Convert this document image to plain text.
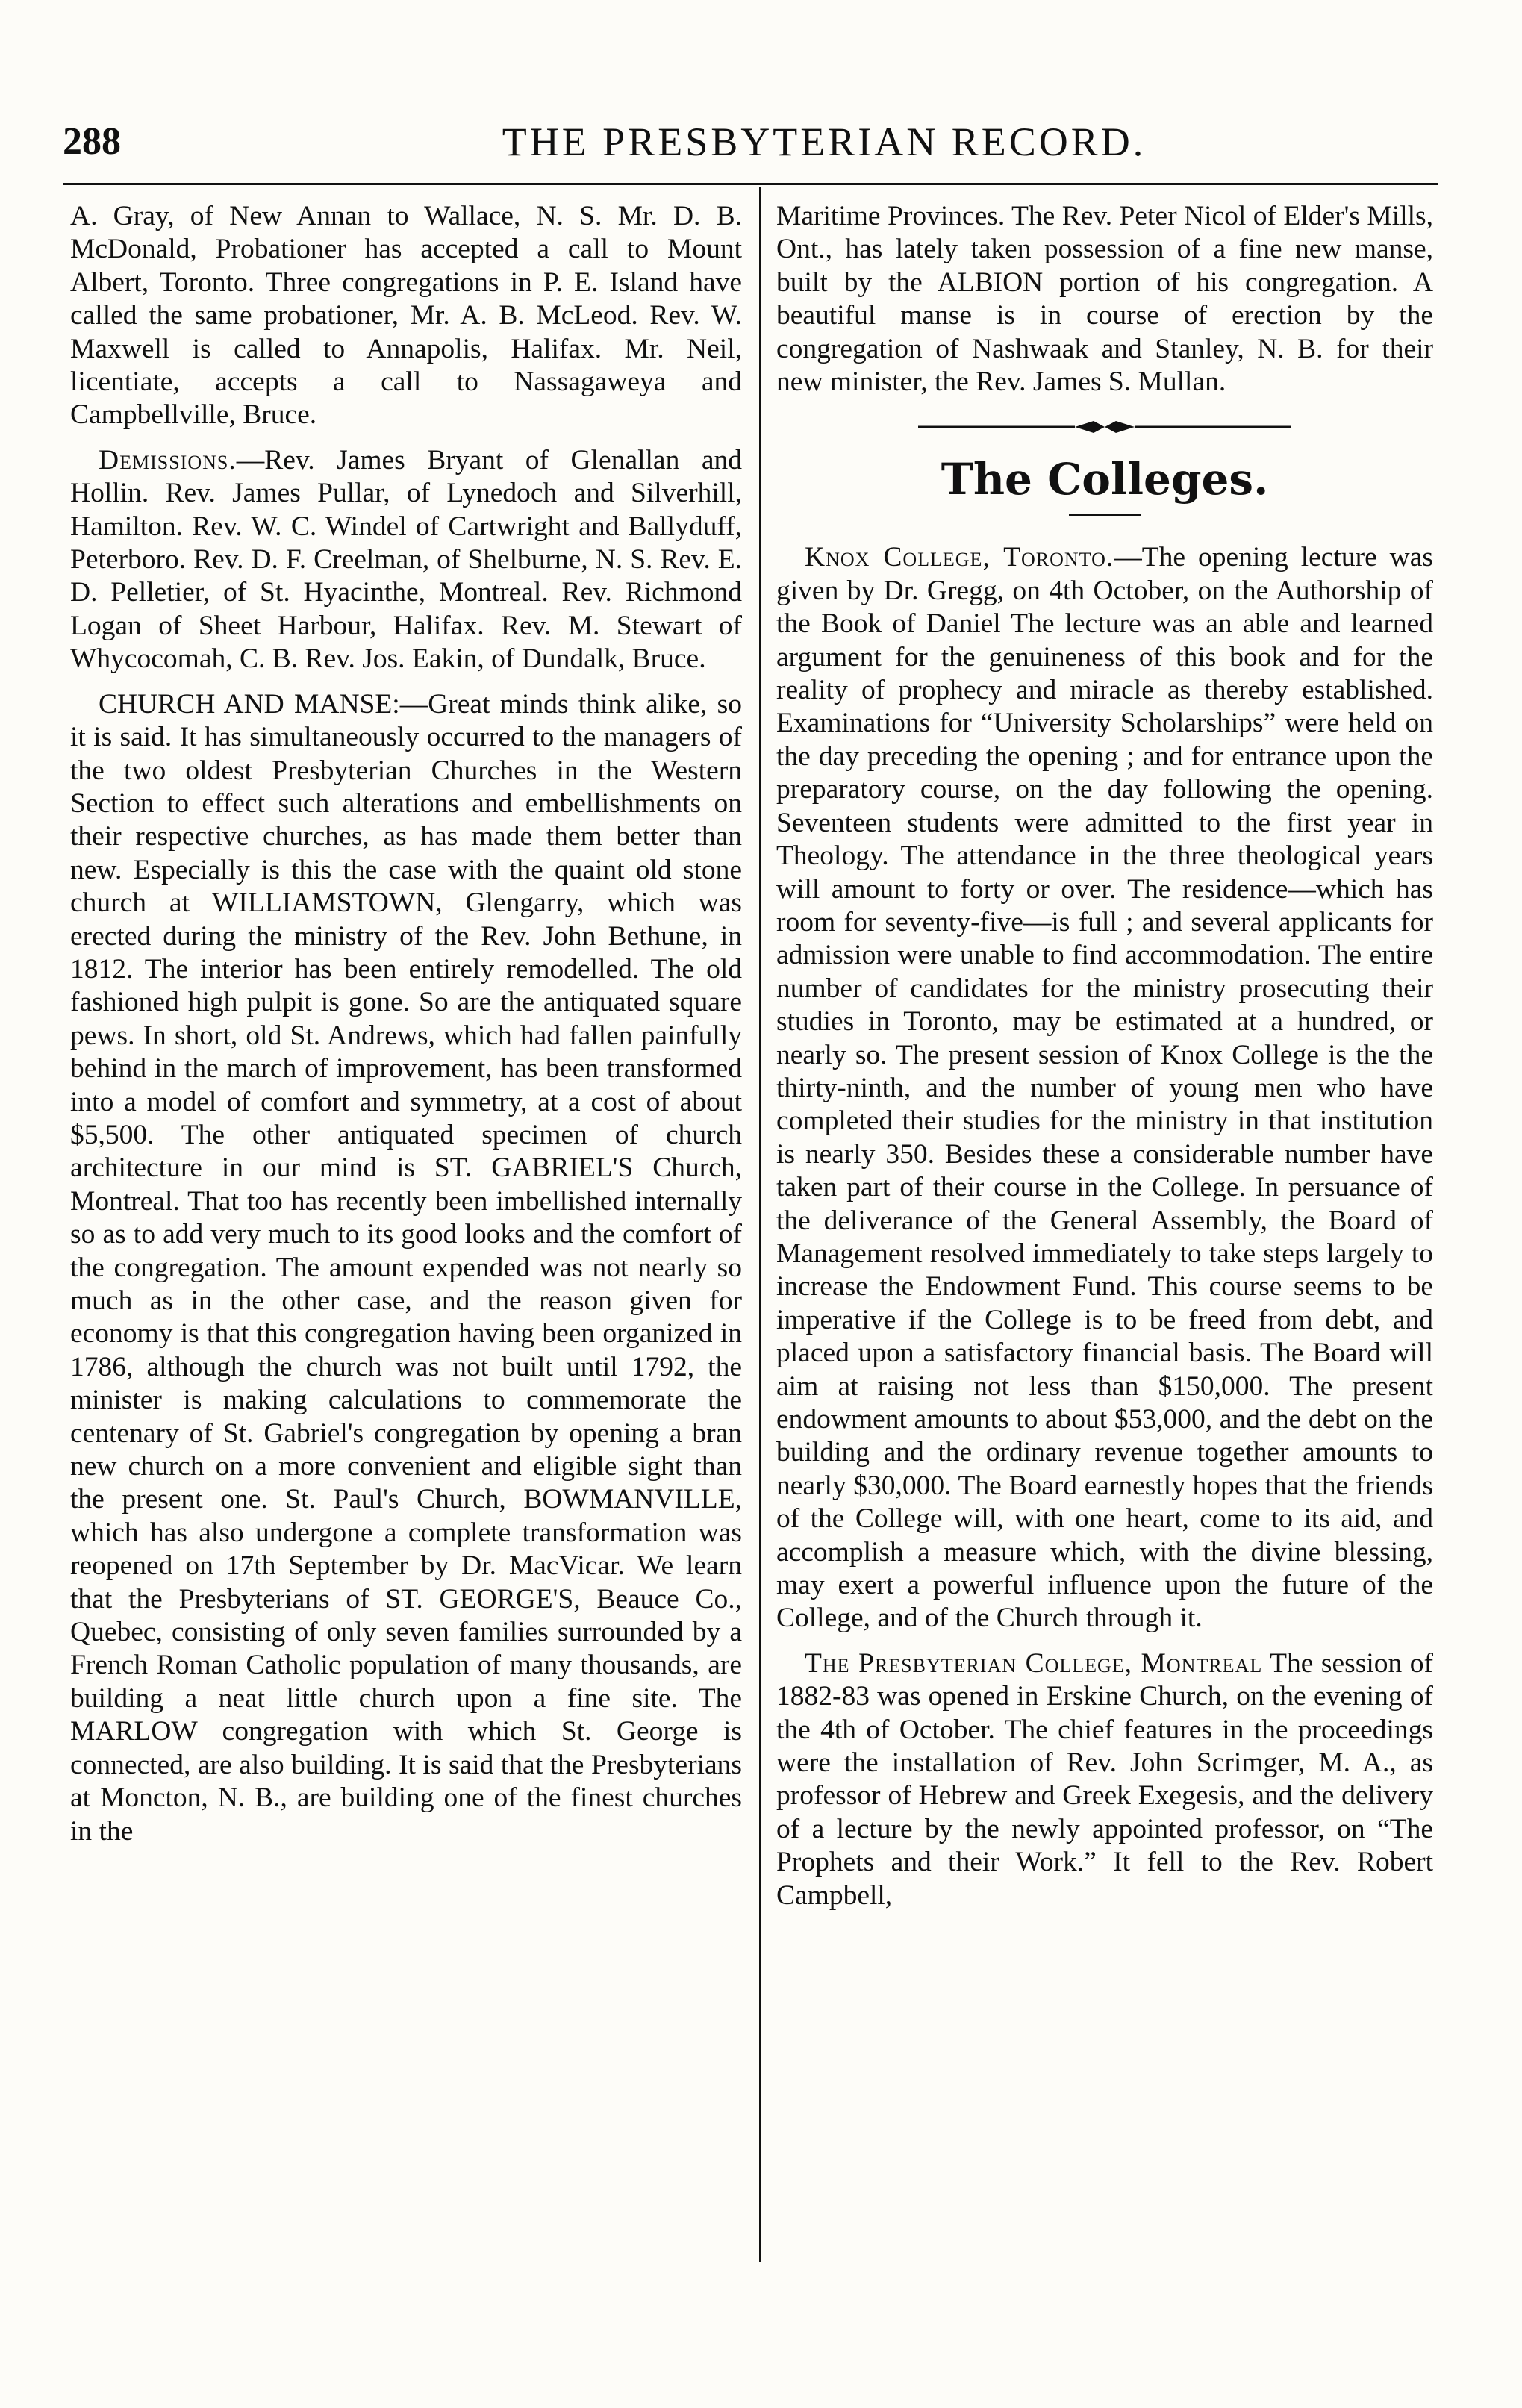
288	THE PRESBYTERIAN RECORD.

A. Gray, of New Annan to Wallace, N. S. Mr. D. B. McDonald, Probationer has accepted a call to Mount Albert, Toronto. Three congregations in P. E. Island have called the same probationer, Mr. A. B. McLeod. Rev. W. Maxwell is called to Annapolis, Halifax. Mr. Neil, licentiate, accepts a call to Nassagaweya and Campbellville, Bruce.

Demissions.—Rev. James Bryant of Glenallan and Hollin. Rev. James Pullar, of Lynedoch and Silverhill, Hamilton. Rev. W. C. Windel of Cartwright and Ballyduff, Peterboro. Rev. D. F. Creelman, of Shelburne, N. S. Rev. E. D. Pelletier, of St. Hyacinthe, Montreal. Rev. Richmond Logan of Sheet Harbour, Halifax. Rev. M. Stewart of Whycocomah, C. B. Rev. Jos. Eakin, of Dundalk, Bruce.

CHURCH AND MANSE:—Great minds think alike, so it is said. It has simultaneously occurred to the managers of the two oldest Presbyterian Churches in the Western Section to effect such alterations and embellishments on their respective churches, as has made them better than new. Especially is this the case with the quaint old stone church at WILLIAMSTOWN, Glengarry, which was erected during the ministry of the Rev. John Bethune, in 1812. The interior has been entirely remodelled. The old fashioned high pulpit is gone. So are the antiquated square pews. In short, old St. Andrews, which had fallen painfully behind in the march of improvement, has been transformed into a model of comfort and symmetry, at a cost of about $5,500. The other antiquated specimen of church architecture in our mind is ST. GABRIEL'S Church, Montreal. That too has recently been imbellished internally so as to add very much to its good looks and the comfort of the congregation. The amount expended was not nearly so much as in the other case, and the reason given for economy is that this congregation having been organized in 1786, although the church was not built until 1792, the minister is making calculations to commemorate the centenary of St. Gabriel's congregation by opening a bran new church on a more convenient and eligible sight than the present one. St. Paul's Church, BOWMANVILLE, which has also undergone a complete transformation was reopened on 17th September by Dr. MacVicar. We learn that the Presbyterians of ST. GEORGE'S, Beauce Co., Quebec, consisting of only seven families surrounded by a French Roman Catholic population of many thousands, are building a neat little church upon a fine site. The MARLOW congregation with which St. George is connected, are also building. It is said that the Presbyterians at Moncton, N. B., are building one of the finest churches in the

Maritime Provinces. The Rev. Peter Nicol of Elder's Mills, Ont., has lately taken possession of a fine new manse, built by the ALBION portion of his congregation. A beautiful manse is in course of erection by the congregation of Nashwaak and Stanley, N. B. for their new minister, the Rev. James S. Mullan.

The Colleges.

Knox College, Toronto.—The opening lecture was given by Dr. Gregg, on 4th October, on the Authorship of the Book of Daniel The lecture was an able and learned argument for the genuineness of this book and for the reality of prophecy and miracle as thereby established. Examinations for “University Scholarships” were held on the day preceding the opening ; and for entrance upon the preparatory course, on the day following the opening. Seventeen students were admitted to the first year in Theology. The attendance in the three theological years will amount to forty or over. The residence—which has room for seventy-five—is full ; and several applicants for admission were unable to find accommodation. The entire number of candidates for the ministry prosecuting their studies in Toronto, may be estimated at a hundred, or nearly so. The present session of Knox College is the the thirty-ninth, and the number of young men who have completed their studies for the ministry in that institution is nearly 350. Besides these a considerable number have taken part of their course in the College. In persuance of the deliverance of the General Assembly, the Board of Management resolved immediately to take steps largely to increase the Endowment Fund. This course seems to be imperative if the College is to be freed from debt, and placed upon a satisfactory financial basis. The Board will aim at raising not less than $150,000. The present endowment amounts to about $53,000, and the debt on the building and the ordinary revenue together amounts to nearly $30,000. The Board earnestly hopes that the friends of the College will, with one heart, come to its aid, and accomplish a measure which, with the divine blessing, may exert a powerful influence upon the future of the College, and of the Church through it.

The Presbyterian College, Montreal The session of 1882-83 was opened in Erskine Church, on the evening of the 4th of October. The chief features in the proceedings were the installation of Rev. John Scrimger, M. A., as professor of Hebrew and Greek Exegesis, and the delivery of a lecture by the newly appointed professor, on “The Prophets and their Work.” It fell to the Rev. Robert Campbell,
